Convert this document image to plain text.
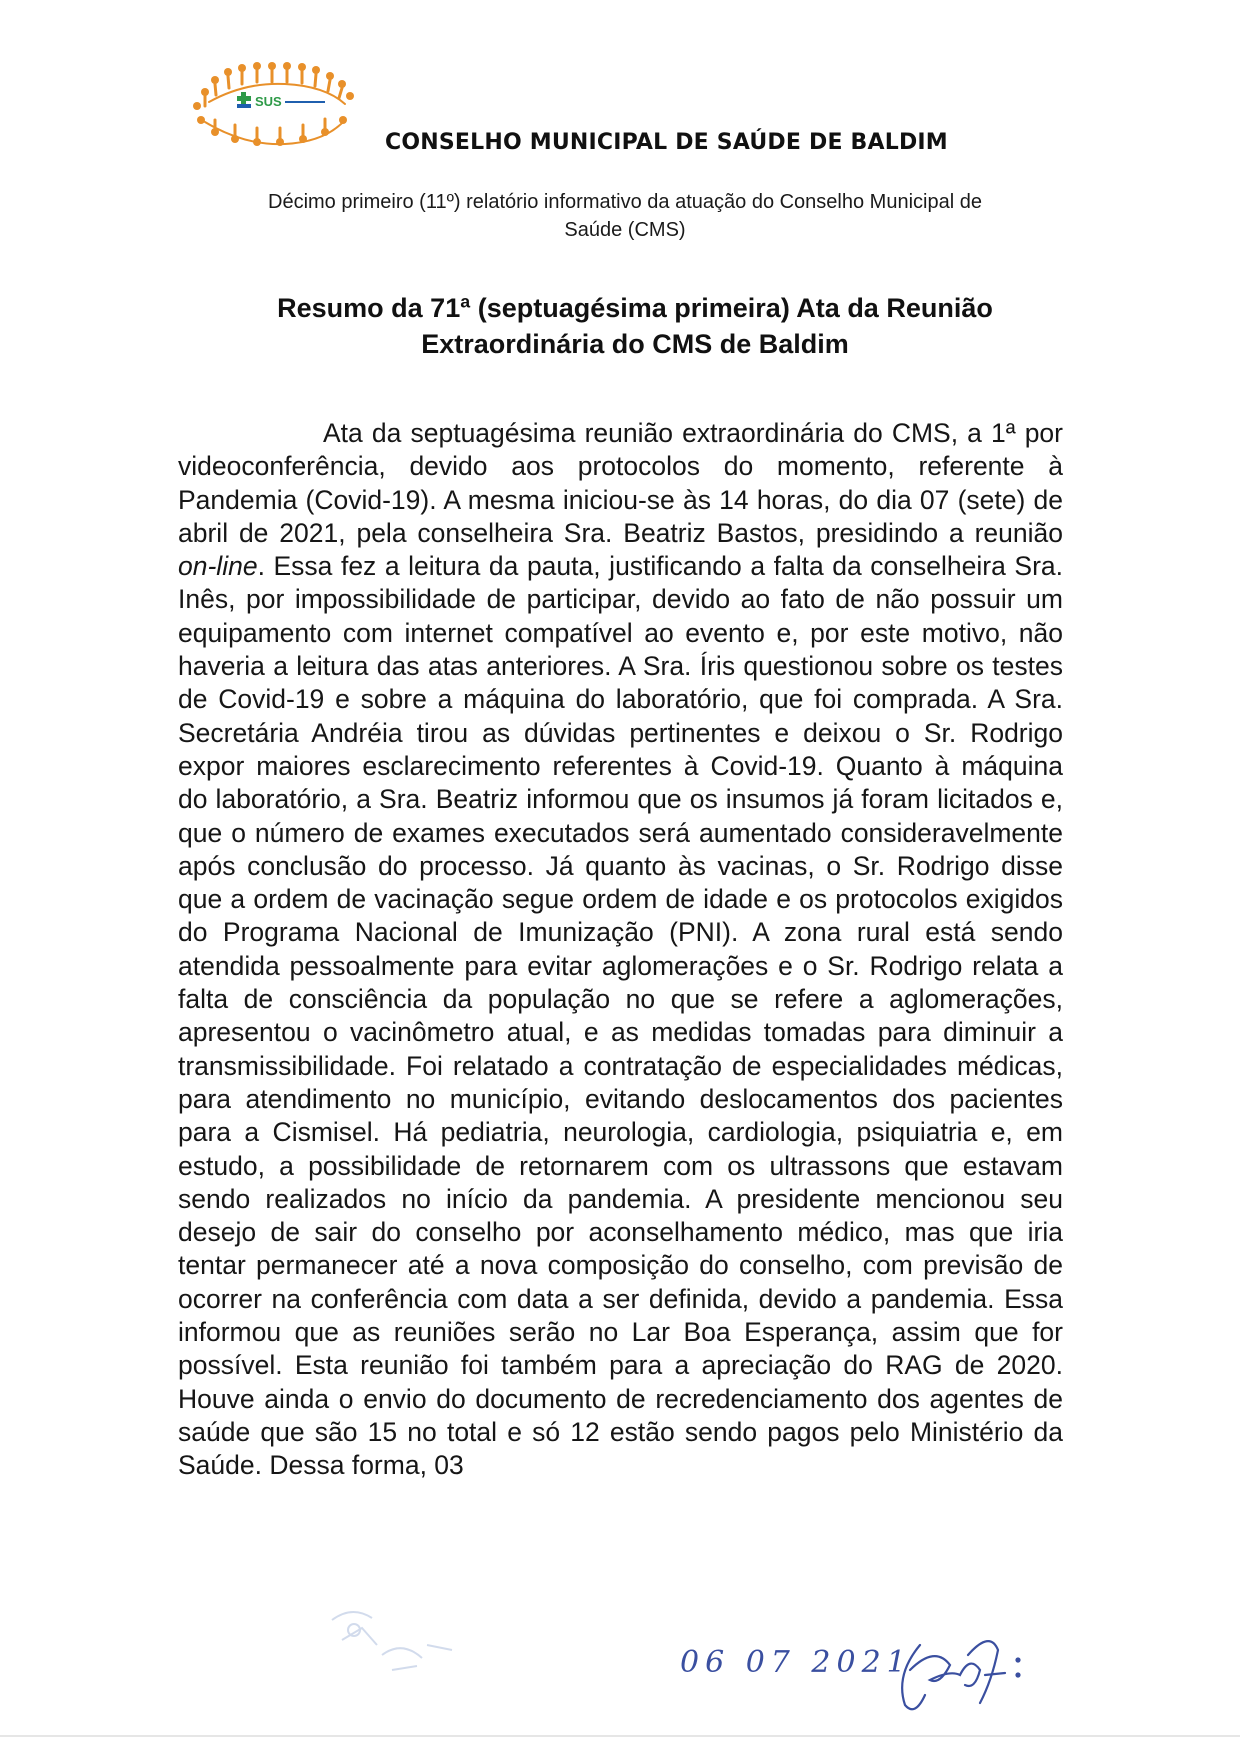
SUS
CONSELHO MUNICIPAL DE SAÚDE DE BALDIM
Décimo primeiro (11º) relatório informativo da atuação do Conselho Municipal de
Saúde (CMS)
Resumo da 71ª (septuagésima primeira) Ata da Reunião
Extraordinária do CMS de Baldim

Ata da septuagésima reunião extraordinária do CMS, a 1ª por videoconferência, devido aos protocolos do momento, referente à Pandemia (Covid-19). A mesma iniciou-se às 14 horas, do dia 07 (sete) de abril de 2021, pela conselheira Sra. Beatriz Bastos, presidindo a reunião on-line. Essa fez a leitura da pauta, justificando a falta da conselheira Sra. Inês, por impossibilidade de participar, devido ao fato de não possuir um equipamento com internet compatível ao evento e, por este motivo, não haveria a leitura das atas anteriores. A Sra. Íris questionou sobre os testes de Covid-19 e sobre a máquina do laboratório, que foi comprada. A Sra. Secretária Andréia tirou as dúvidas pertinentes e deixou o Sr. Rodrigo expor maiores esclarecimento referentes à Covid-19. Quanto à máquina do laboratório, a Sra. Beatriz informou que os insumos já foram licitados e, que o número de exames executados será aumentado consideravelmente após conclusão do processo. Já quanto às vacinas, o Sr. Rodrigo disse que a ordem de vacinação segue ordem de idade e os protocolos exigidos do Programa Nacional de Imunização (PNI). A zona rural está sendo atendida pessoalmente para evitar aglomerações e o Sr. Rodrigo relata a falta de consciência da população no que se refere a aglomerações, apresentou o vacinômetro atual, e as medidas tomadas para diminuir a transmissibilidade. Foi relatado a contratação de especialidades médicas, para atendimento no município, evitando deslocamentos dos pacientes para a Cismisel. Há pediatria, neurologia, cardiologia, psiquiatria e, em estudo, a possibilidade de retornarem com os ultrassons que estavam sendo realizados no início da pandemia. A presidente mencionou seu desejo de sair do conselho por aconselhamento médico, mas que iria tentar permanecer até a nova composição do conselho, com previsão de ocorrer na conferência com data a ser definida, devido a pandemia. Essa informou que as reuniões serão no Lar Boa Esperança, assim que for possível. Esta reunião foi também para a apreciação do RAG de 2020. Houve ainda o envio do documento de recredenciamento dos agentes de saúde que são 15 no total e só 12 estão sendo pagos pelo Ministério da Saúde. Dessa forma, 03

06 07 2021
